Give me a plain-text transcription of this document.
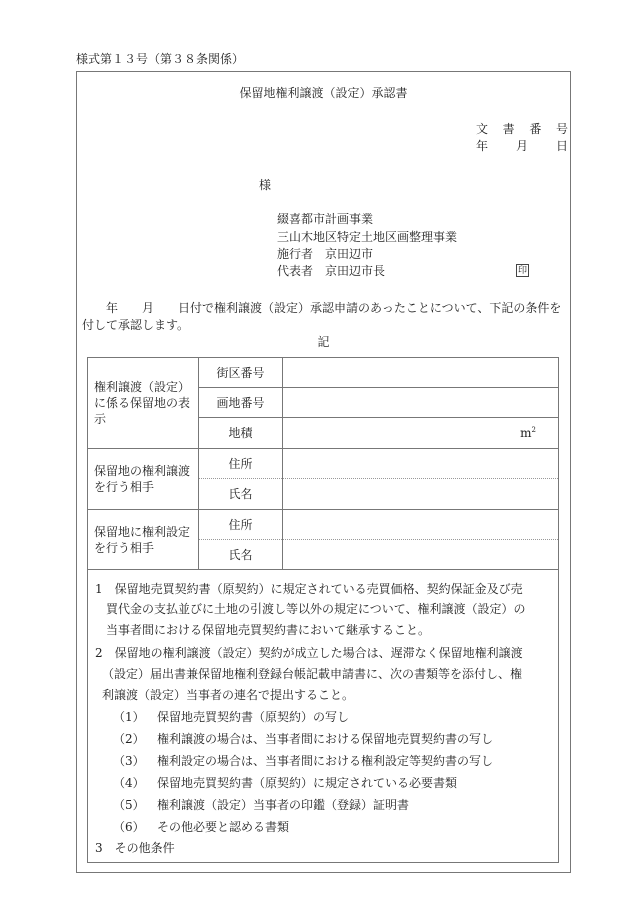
様式第１３号（第３８条関係）
保留地権利譲渡（設定）承認書
文 書 番 号
年 月 日
様
綴喜都市計画事業
三山木地区特定土地区画整理事業
施行者　京田辺市
代表者　京田辺市長	印
　　年　　月　　日付で権利譲渡（設定）承認申請のあったことについて、下記の条件を付して承認します。
記
権利譲渡（設定）に係る保留地の表示	街区番号	
	画地番号	
	地積	$m^2$
保留地の権利譲渡を行う相手	住所	
	氏名	
保留地に権利設定を行う相手	住所	
	氏名	
1　保留地売買契約書（原契約）に規定されている売買価格、契約保証金及び売
買代金の支払並びに土地の引渡し等以外の規定について、権利譲渡（設定）の
当事者間における保留地売買契約書において継承すること。
2　保留地の権利譲渡（設定）契約が成立した場合は、遅滞なく保留地権利譲渡
（設定）届出書兼保留地権利登録台帳記載申請書に、次の書類等を添付し、権
利譲渡（設定）当事者の連名で提出すること。
（1） 保留地売買契約書（原契約）の写し
（2） 権利譲渡の場合は、当事者間における保留地売買契約書の写し
（3） 権利設定の場合は、当事者間における権利設定等契約書の写し
（4） 保留地売買契約書（原契約）に規定されている必要書類
（5） 権利譲渡（設定）当事者の印鑑（登録）証明書
（6） その他必要と認める書類
3　その他条件
